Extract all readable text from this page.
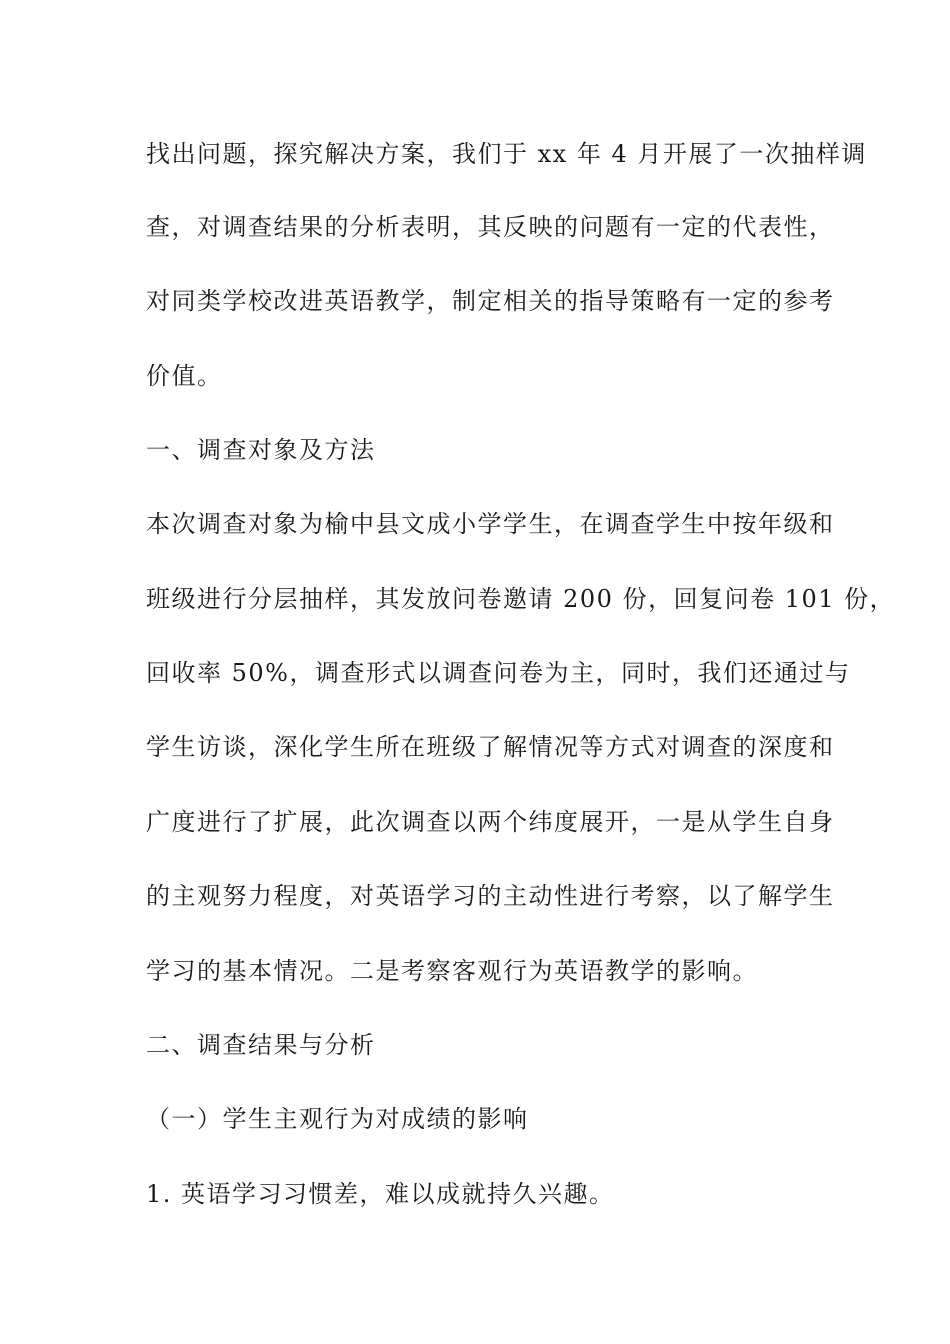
找出问题，探究解决方案，我们于 xx 年 4 月开展了一次抽样调
查，对调查结果的分析表明，其反映的问题有一定的代表性，
对同类学校改进英语教学，制定相关的指导策略有一定的参考
价值。
一、调查对象及方法
本次调查对象为榆中县文成小学学生，在调查学生中按年级和
班级进行分层抽样，其发放问卷邀请 200 份，回复问卷 101 份，
回收率 50%，调查形式以调查问卷为主，同时，我们还通过与
学生访谈，深化学生所在班级了解情况等方式对调查的深度和
广度进行了扩展，此次调查以两个纬度展开，一是从学生自身
的主观努力程度，对英语学习的主动性进行考察，以了解学生
学习的基本情况。二是考察客观行为英语教学的影响。
二、调查结果与分析
（一）学生主观行为对成绩的影响
1. 英语学习习惯差，难以成就持久兴趣。
